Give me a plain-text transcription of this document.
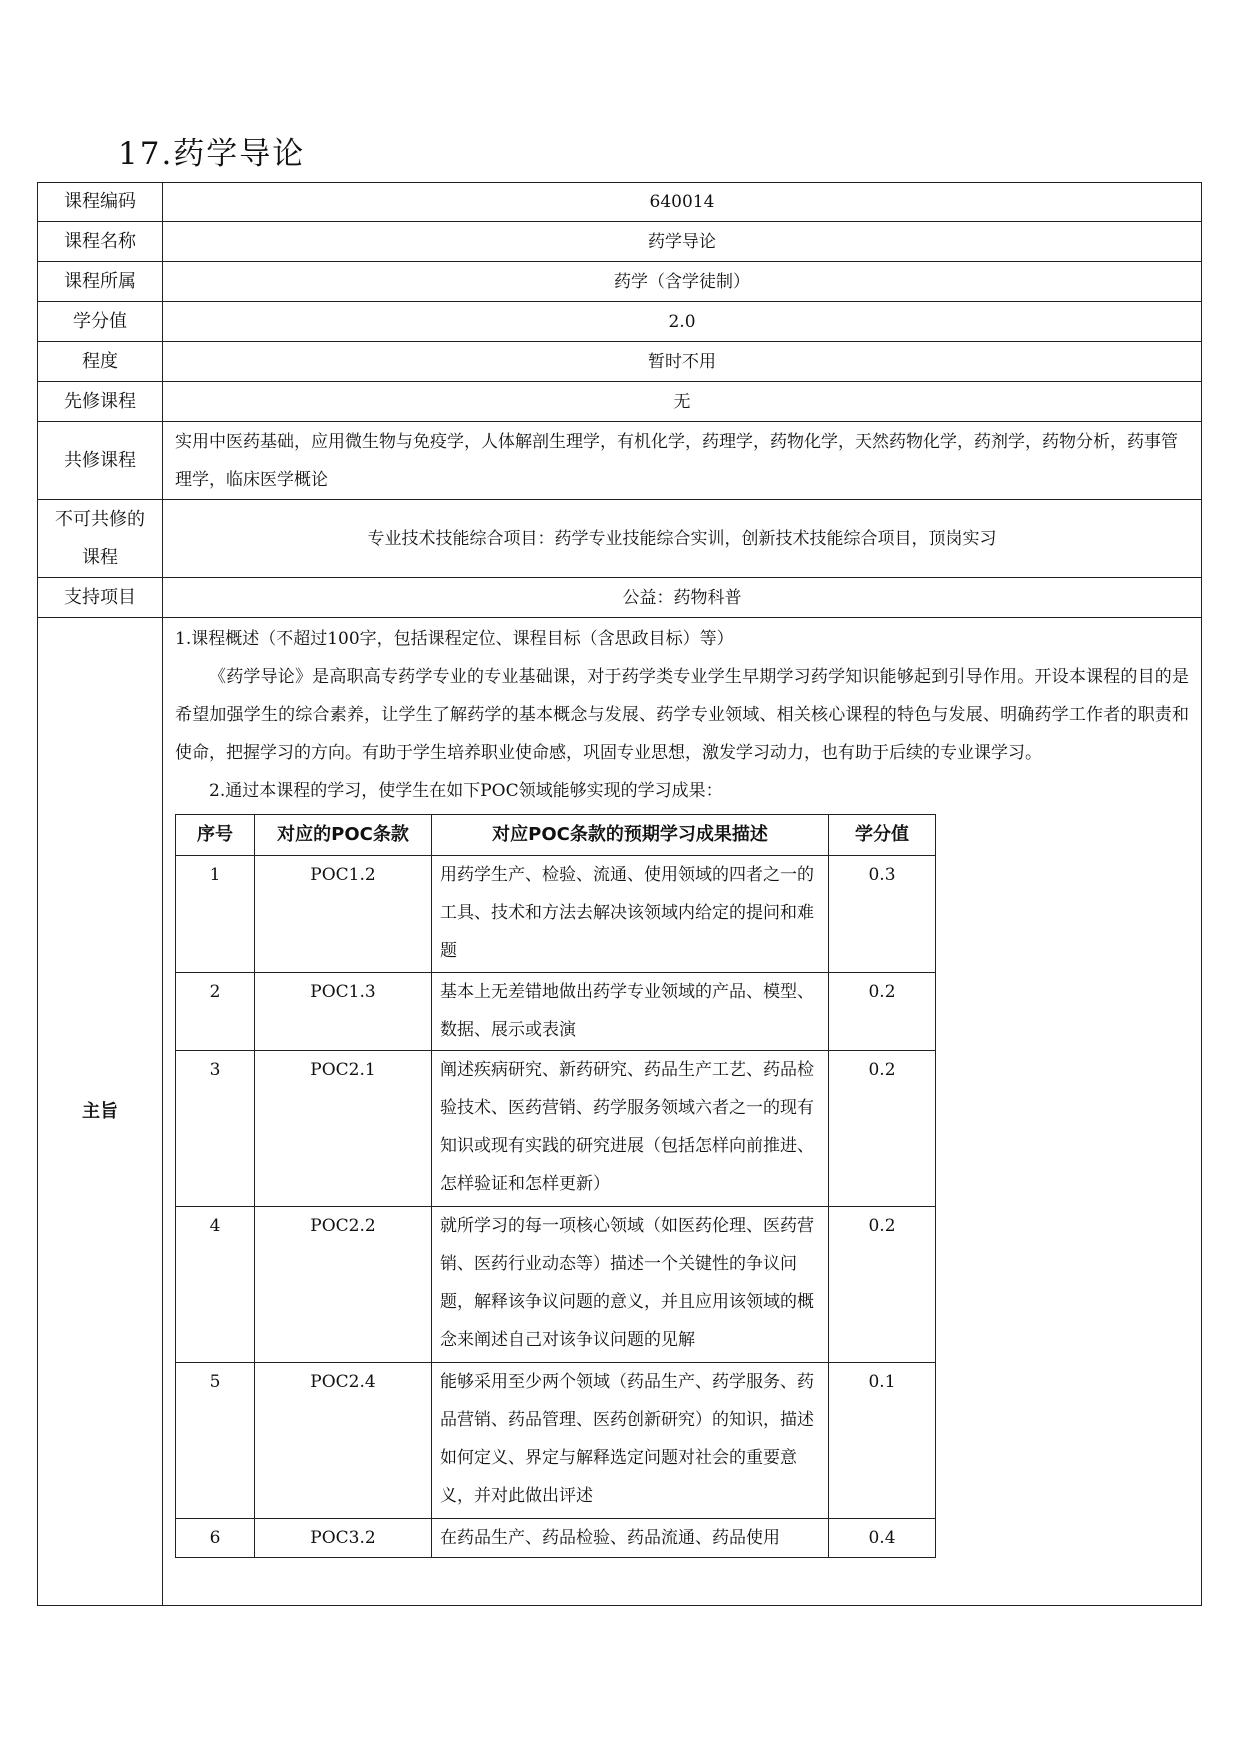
17.药学导论
课程编码	640014
课程名称	药学导论
课程所属	药学（含学徒制）
学分值	2.0
程度	暂时不用
先修课程	无
共修课程	实用中医药基础，应用微生物与免疫学，人体解剖生理学，有机化学，药理学，药物化学，天然药物化学，药剂学，药物分析，药事管理学，临床医学概论
不可共修的
课程	专业技术技能综合项目：药学专业技能综合实训，创新技术技能综合项目，顶岗实习
支持项目	公益：药物科普
主旨	

1.课程概述（不超过100字，包括课程定位、课程目标（含思政目标）等）

《药学导论》是高职高专药学专业的专业基础课，对于药学类专业学生早期学习药学知识能够起到引导作用。开设本课程的目的是希望加强学生的综合素养，让学生了解药学的基本概念与发展、药学专业领域、相关核心课程的特色与发展、明确药学工作者的职责和使命，把握学习的方向。有助于学生培养职业使命感，巩固专业思想，激发学习动力，也有助于后续的专业课学习。

2.通过本课程的学习，使学生在如下POC领域能够实现的学习成果：

序号	对应的POC条款	对应POC条款的预期学习成果描述	学分值
1	POC1.2	用药学生产、检验、流通、使用领域的四者之一的工具、技术和方法去解决该领域内给定的提问和难题	0.3
2	POC1.3	基本上无差错地做出药学专业领域的产品、模型、数据、展示或表演	0.2
3	POC2.1	阐述疾病研究、新药研究、药品生产工艺、药品检验技术、医药营销、药学服务领域六者之一的现有知识或现有实践的研究进展（包括怎样向前推进、怎样验证和怎样更新）	0.2
4	POC2.2	就所学习的每一项核心领域（如医药伦理、医药营销、医药行业动态等）描述一个关键性的争议问题，解释该争议问题的意义，并且应用该领域的概念来阐述自己对该争议问题的见解	0.2
5	POC2.4	能够采用至少两个领域（药品生产、药学服务、药品营销、药品管理、医药创新研究）的知识，描述如何定义、界定与解释选定问题对社会的重要意义，并对此做出评述	0.1
6	POC3.2	在药品生产、药品检验、药品流通、药品使用	0.4
